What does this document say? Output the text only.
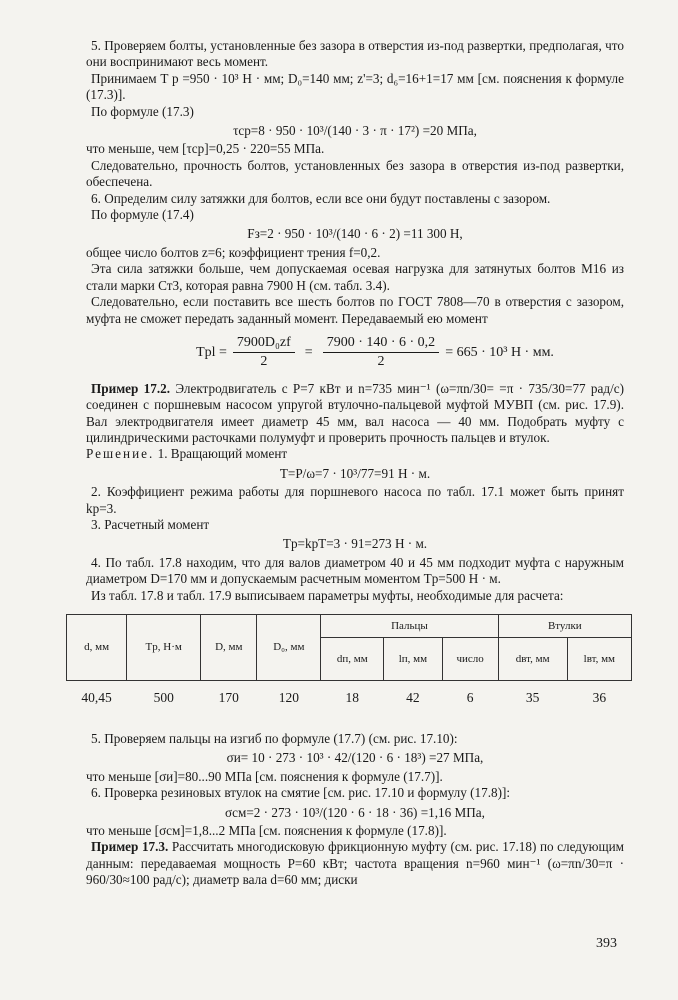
5. Проверяем болты, установленные без зазора в отверстия из-под развертки, предполагая, что они воспринимают весь момент.

Принимаем T р =950 · 10³ Н · мм; D₀=140 мм; z'=3; d₆=16+1=17 мм [см. пояснения к формуле (17.3)].

По формуле (17.3)

τср=8 · 950 · 10³/(140 · 3 · π · 17²) =20 МПа,

что меньше, чем [τср]=0,25 · 220=55 МПа.

Следовательно, прочность болтов, установленных без зазора в отверстия из-под развертки, обеспечена.

6. Определим силу затяжки для болтов, если все они будут поставлены с зазором.

По формуле (17.4)

Fз=2 · 950 · 10³/(140 · 6 · 2) =11 300 Н,

общее число болтов z=6; коэффициент трения f=0,2.

Эта сила затяжки больше, чем допускаемая осевая нагрузка для затянутых болтов М16 из стали марки Ст3, которая равна 7900 Н (см. табл. 3.4).

Следовательно, если поставить все шесть болтов по ГОСТ 7808—70 в отверстия с зазором, муфта не сможет передать заданный момент. Передаваемый ею момент

Tpl = $\frac{\text{7900D₀zf}}{2} = \frac{7900 \cdot 140 \cdot 6 \cdot 0,2}{2} = 665 \cdot 10^3$ Н · мм.

Пример 17.2. Электродвигатель с P=7 кВт и n=735 мин⁻¹ (ω=πn/30= =π · 735/30=77 рад/с) соединен с поршневым насосом упругой втулочно-пальцевой муфтой МУВП (см. рис. 17.9). Вал электродвигателя имеет диаметр 45 мм, вал насоса — 40 мм. Подобрать муфту с цилиндрическими расточками полумуфт и проверить прочность пальцев и втулок.

Решение. 1. Вращающий момент

T=P/ω=7 · 10³/77=91 Н · м.

2. Коэффициент режима работы для поршневого насоса по табл. 17.1 может быть принят kр=3.

3. Расчетный момент

Tр=kрT=3 · 91=273 Н · м.

4. По табл. 17.8 находим, что для валов диаметром 40 и 45 мм подходит муфта с наружным диаметром D=170 мм и допускаемым расчетным моментом Tр=500 Н · м.

Из табл. 17.8 и табл. 17.9 выписываем параметры муфты, необходимые для расчета:

d, мм	Tр, Н·м	D, мм	D₀, мм	Пальцы			Втулки	
				dп, мм	lп, мм	число	dвт, мм	lвт, мм
40,45	500	170	120	18	42	6	35	36

5. Проверяем пальцы на изгиб по формуле (17.7) (см. рис. 17.10):

σи= 10 · 273 · 10³ · 42/(120 · 6 · 18³) =27 МПа,

что меньше [σи]=80...90 МПа [см. пояснения к формуле (17.7)].

6. Проверка резиновых втулок на смятие [см. рис. 17.10 и формулу (17.8)]:

σсм=2 · 273 · 10³/(120 · 6 · 18 · 36) =1,16 МПа,

что меньше [σсм]=1,8...2 МПа [см. пояснения к формуле (17.8)].

Пример 17.3. Рассчитать многодисковую фрикционную муфту (см. рис. 17.18) по следующим данным: передаваемая мощность P=60 кВт; частота вращения n=960 мин⁻¹ (ω=πn/30=π · 960/30≈100 рад/с); диаметр вала d=60 мм; диски

393
